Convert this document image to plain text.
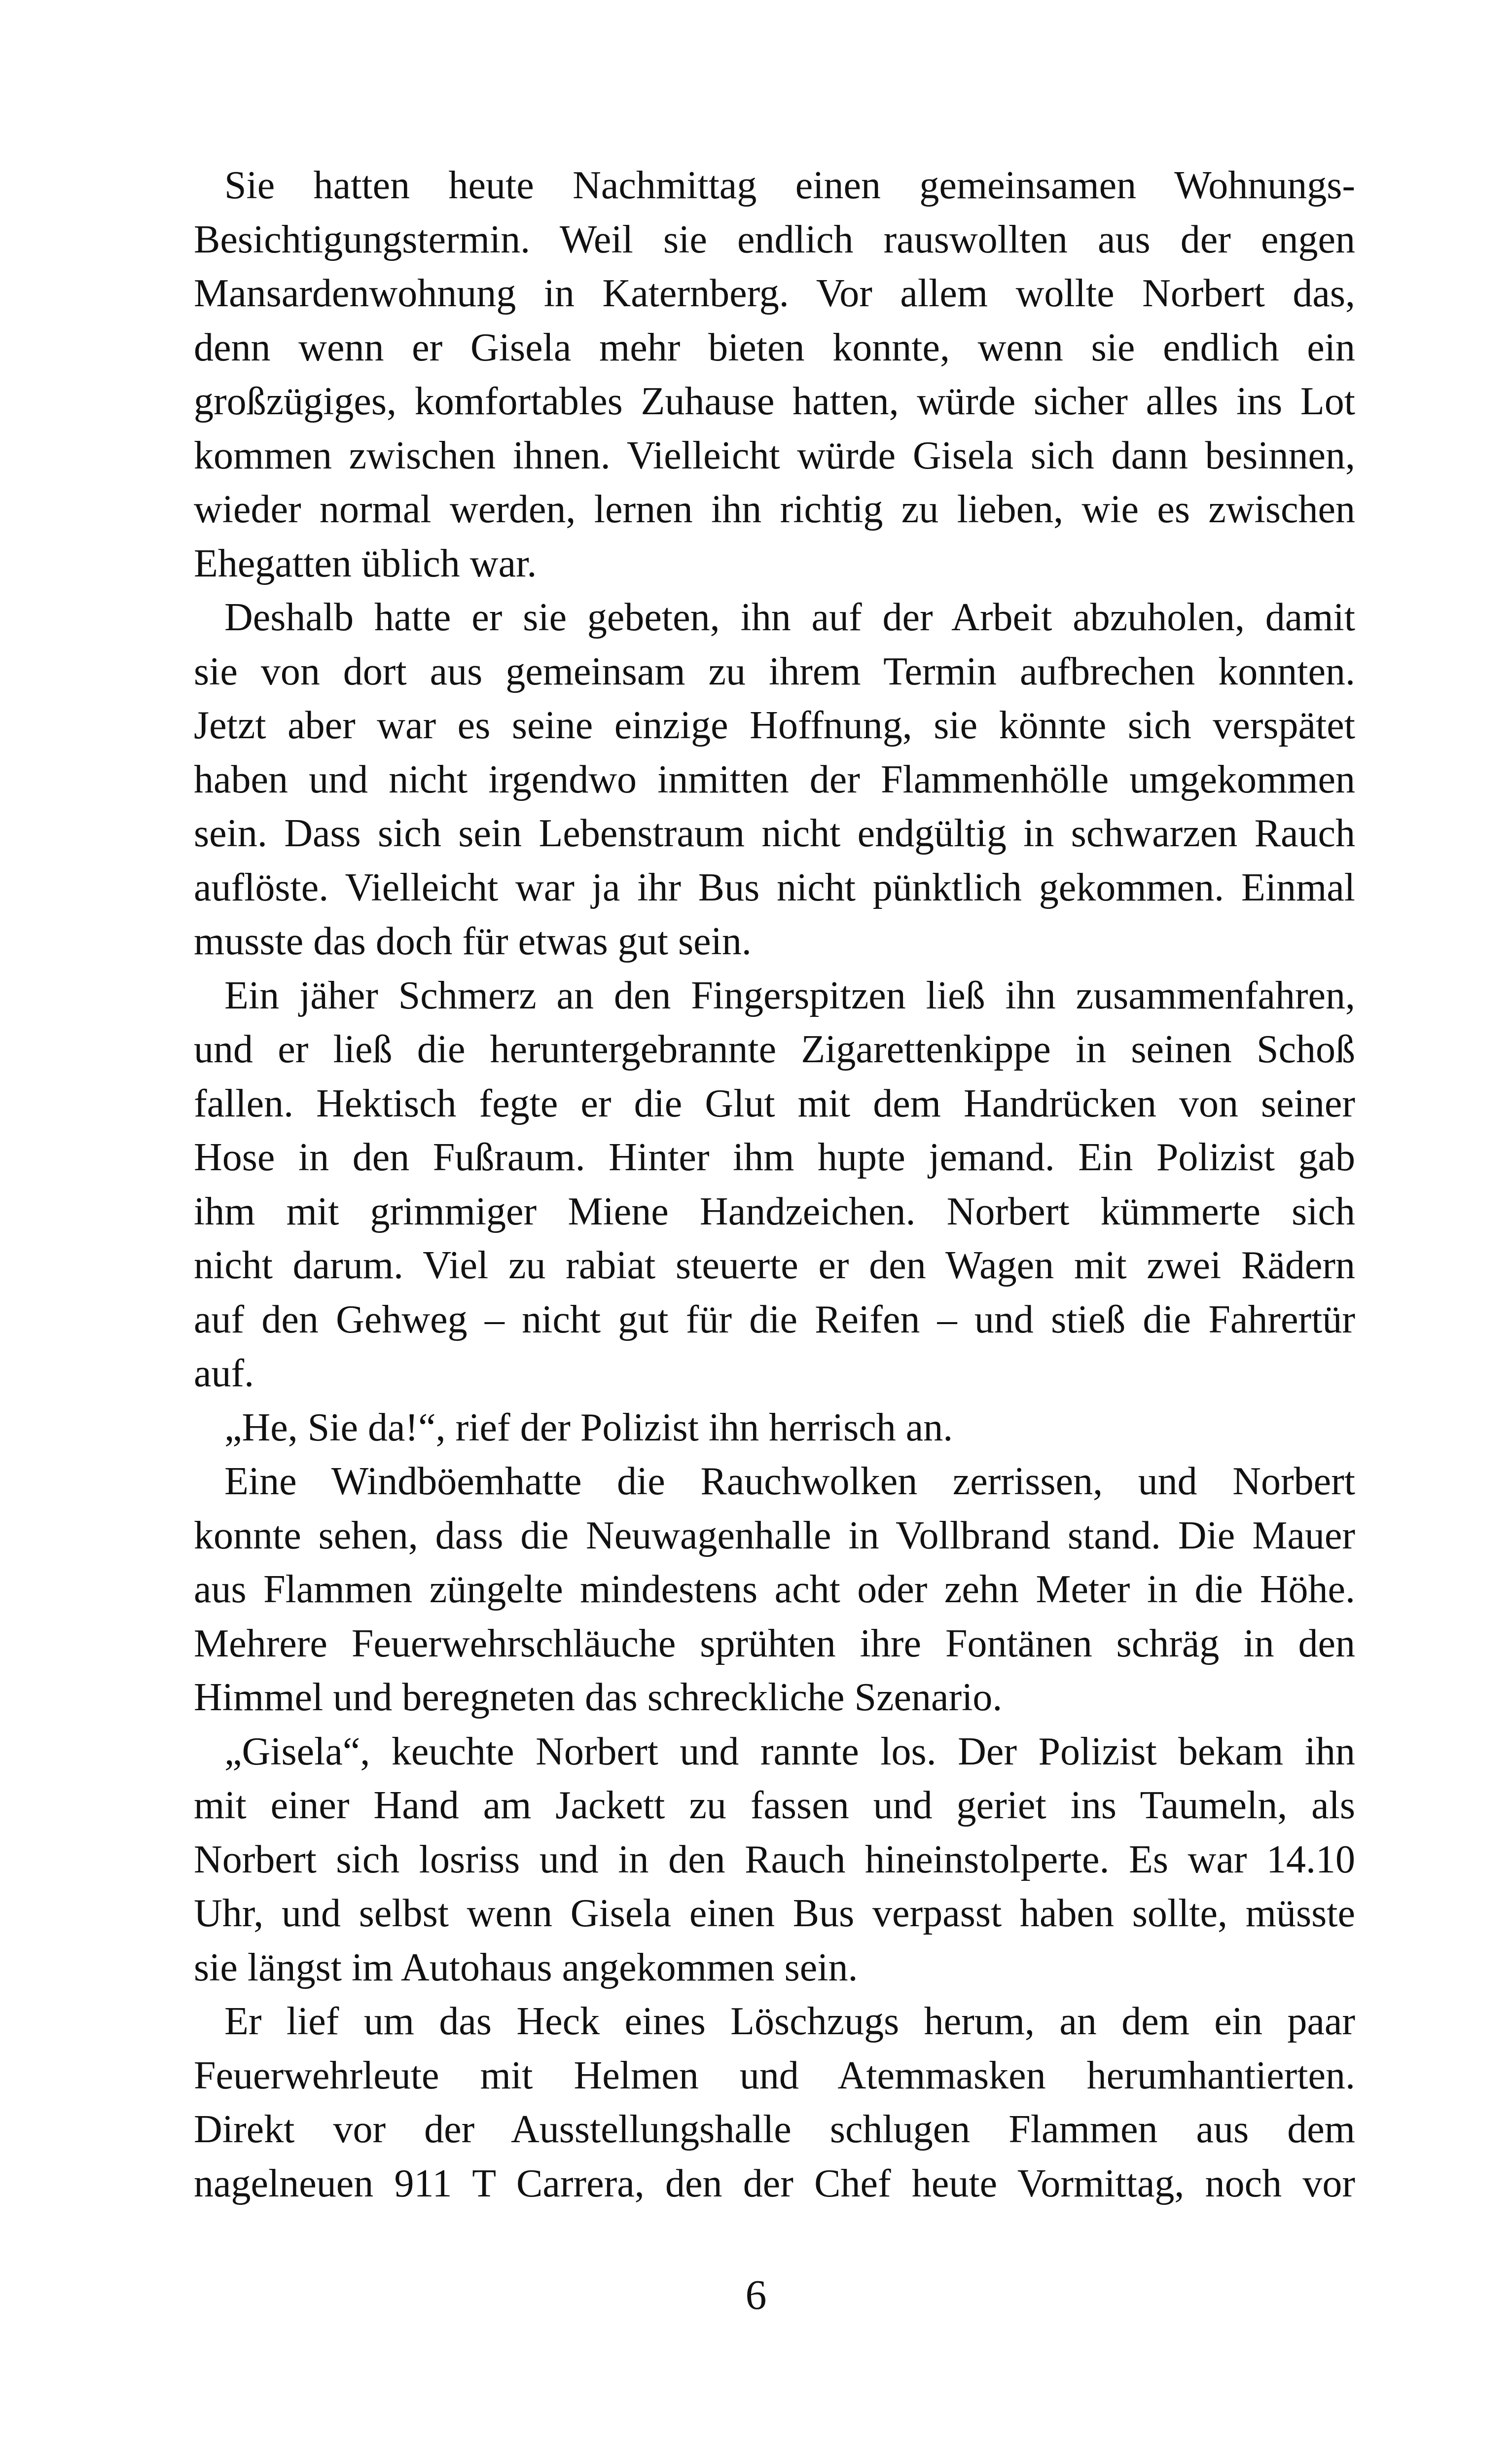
Sie hatten heute Nachmittag einen gemeinsamen Wohnungs-
Besichtigungstermin. Weil sie endlich rauswollten aus der engen
Mansardenwohnung in Katernberg. Vor allem wollte Norbert das,
denn wenn er Gisela mehr bieten konnte, wenn sie endlich ein
großzügiges, komfortables Zuhause hatten, würde sicher alles ins Lot
kommen zwischen ihnen. Vielleicht würde Gisela sich dann besinnen,
wieder normal werden, lernen ihn richtig zu lieben, wie es zwischen
Ehegatten üblich war.
Deshalb hatte er sie gebeten, ihn auf der Arbeit abzuholen, damit
sie von dort aus gemeinsam zu ihrem Termin aufbrechen konnten.
Jetzt aber war es seine einzige Hoffnung, sie könnte sich verspätet
haben und nicht irgendwo inmitten der Flammenhölle umgekommen
sein. Dass sich sein Lebenstraum nicht endgültig in schwarzen Rauch
auflöste. Vielleicht war ja ihr Bus nicht pünktlich gekommen. Einmal
musste das doch für etwas gut sein.
Ein jäher Schmerz an den Fingerspitzen ließ ihn zusammenfahren,
und er ließ die heruntergebrannte Zigarettenkippe in seinen Schoß
fallen. Hektisch fegte er die Glut mit dem Handrücken von seiner
Hose in den Fußraum. Hinter ihm hupte jemand. Ein Polizist gab
ihm mit grimmiger Miene Handzeichen. Norbert kümmerte sich
nicht darum. Viel zu rabiat steuerte er den Wagen mit zwei Rädern
auf den Gehweg – nicht gut für die Reifen – und stieß die Fahrertür
auf.
„He, Sie da!“, rief der Polizist ihn herrisch an.
Eine Windböemhatte die Rauchwolken zerrissen, und Norbert
konnte sehen, dass die Neuwagenhalle in Vollbrand stand. Die Mauer
aus Flammen züngelte mindestens acht oder zehn Meter in die Höhe.
Mehrere Feuerwehrschläuche sprühten ihre Fontänen schräg in den
Himmel und beregneten das schreckliche Szenario.
„Gisela“, keuchte Norbert und rannte los. Der Polizist bekam ihn
mit einer Hand am Jackett zu fassen und geriet ins Taumeln, als
Norbert sich losriss und in den Rauch hineinstolperte. Es war 14.10
Uhr, und selbst wenn Gisela einen Bus verpasst haben sollte, müsste
sie längst im Autohaus angekommen sein.
Er lief um das Heck eines Löschzugs herum, an dem ein paar
Feuerwehrleute mit Helmen und Atemmasken herumhantierten.
Direkt vor der Ausstellungshalle schlugen Flammen aus dem
nagelneuen 911 T Carrera, den der Chef heute Vormittag, noch vor
6
